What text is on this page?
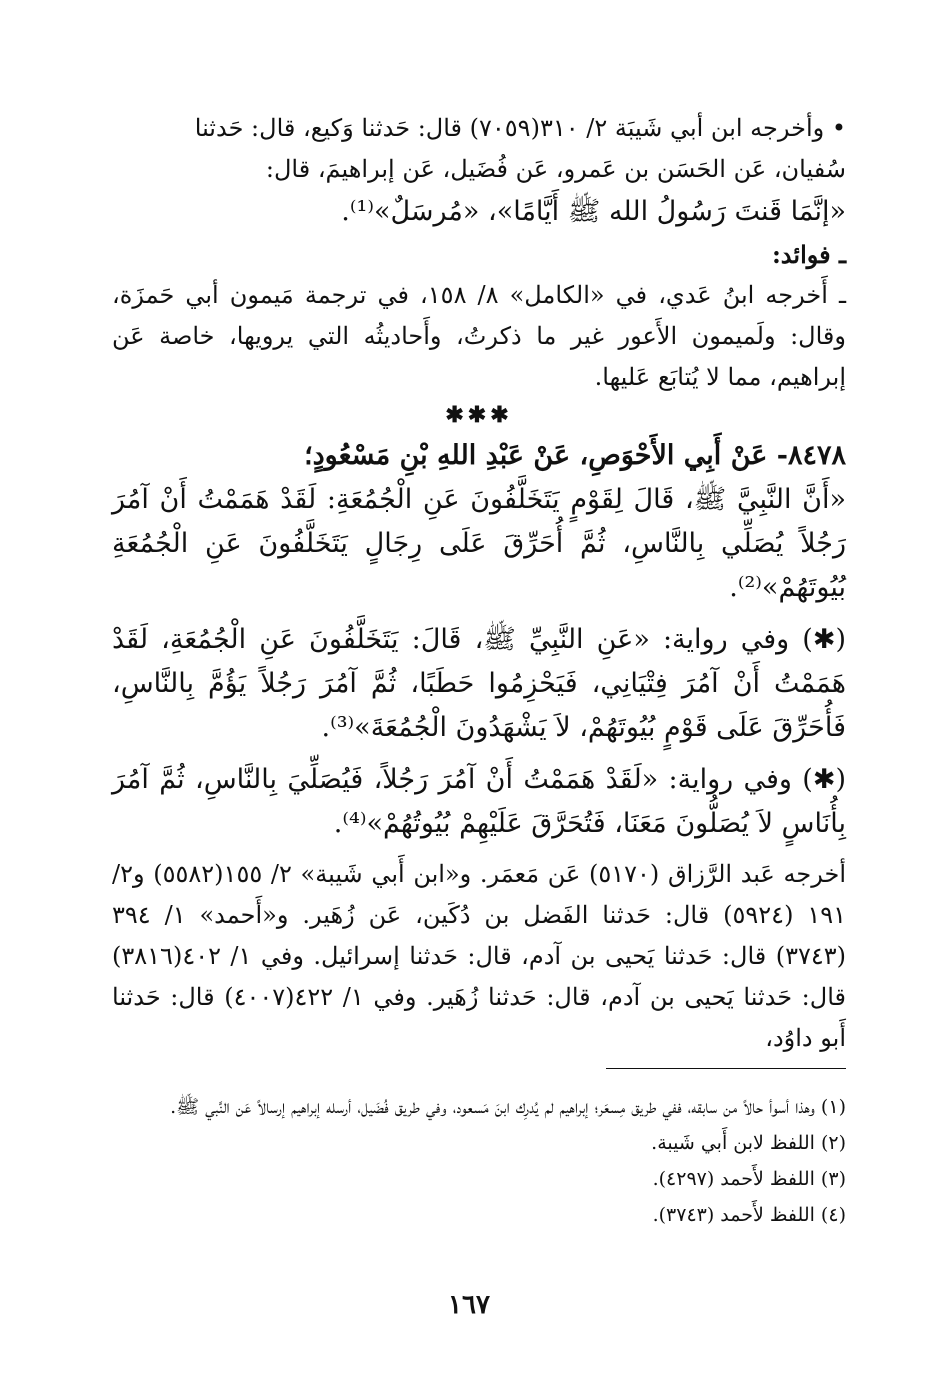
• وأخرجه ابن أبي شَيبَة ٢/ ٣١٠(٧٠٥٩) قال: حَدثنا وَكيع، قال: حَدثنا

سُفيان، عَن الحَسَن بن عَمرو، عَن فُضَيل، عَن إبراهيمَ، قال:

«إنَّمَا قَنتَ رَسُولُ الله ﷺ أَيَّامًا»، «مُرسَلٌ»⁽¹⁾.

ـ فوائد:

ـ أَخرجه ابنُ عَدي، في «الكامل» ٨/ ١٥٨، في ترجمة مَيمون أبي حَمزَة، وقال: ولَميمون الأَعور غير ما ذكرتُ، وأَحاديثُه التي يرويها، خاصة عَن إبراهيم، مما لا يُتابَع عَليها.

✱✱✱

٨٤٧٨- عَنْ أَبِي الأَحْوَصِ، عَنْ عَبْدِ اللهِ بْنِ مَسْعُودٍ؛

«أَنَّ النَّبِيَّ ﷺ، قَالَ لِقَوْمٍ يَتَخَلَّفُونَ عَنِ الْجُمُعَةِ: لَقَدْ هَمَمْتُ أَنْ آمُرَ رَجُلاً يُصَلِّي بِالنَّاسِ، ثُمَّ أُحَرِّقَ عَلَى رِجَالٍ يَتَخَلَّفُونَ عَنِ الْجُمُعَةِ بُيُوتَهُمْ»⁽²⁾.

(✱) وفي رواية: «عَنِ النَّبِيِّ ﷺ، قَالَ: يَتَخَلَّفُونَ عَنِ الْجُمُعَةِ، لَقَدْ هَمَمْتُ أَنْ آمُرَ فِتْيَانِي، فَيَحْزِمُوا حَطَبًا، ثُمَّ آمُرَ رَجُلاً يَؤُمَّ بِالنَّاسِ، فَأُحَرِّقَ عَلَى قَوْمٍ بُيُوتَهُمْ، لاَ يَشْهَدُونَ الْجُمُعَةَ»⁽³⁾.

(✱) وفي رواية: «لَقَدْ هَمَمْتُ أَنْ آمُرَ رَجُلاً، فَيُصَلِّيَ بِالنَّاسِ، ثُمَّ آمُرَ بِأُنَاسٍ لاَ يُصَلُّونَ مَعَنَا، فَتُحَرَّقَ عَلَيْهِمْ بُيُوتُهُمْ»⁽⁴⁾.

أخرجه عَبد الرَّزاق (٥١٧٠) عَن مَعمَر. و«ابن أَبي شَيبة» ٢/ ١٥٥(٥٥٨٢) و٢/ ١٩١ (٥٩٢٤) قال: حَدثنا الفَضل بن دُكَين، عَن زُهَير. و«أَحمد» ١/ ٣٩٤ (٣٧٤٣) قال: حَدثنا يَحيى بن آدم، قال: حَدثنا إسرائيل. وفي ١/ ٤٠٢(٣٨١٦) قال: حَدثنا يَحيى بن آدم، قال: حَدثنا زُهَير. وفي ١/ ٤٢٢(٤٠٠٧) قال: حَدثنا أَبو داوُد،

(١) وهذا أسوأ حالاً من سابقه، ففي طريق مِسعَر؛ إبراهيم لم يُدرِك ابنَ مَسعود، وفي طريق فُضَيل، أرسله إبراهيم إرسالاً عَن النَّبي ﷺ.

(٢) اللفظ لابن أَبي شَيبة.

(٣) اللفظ لأَحمد (٤٢٩٧).

(٤) اللفظ لأَحمد (٣٧٤٣).

١٦٧
